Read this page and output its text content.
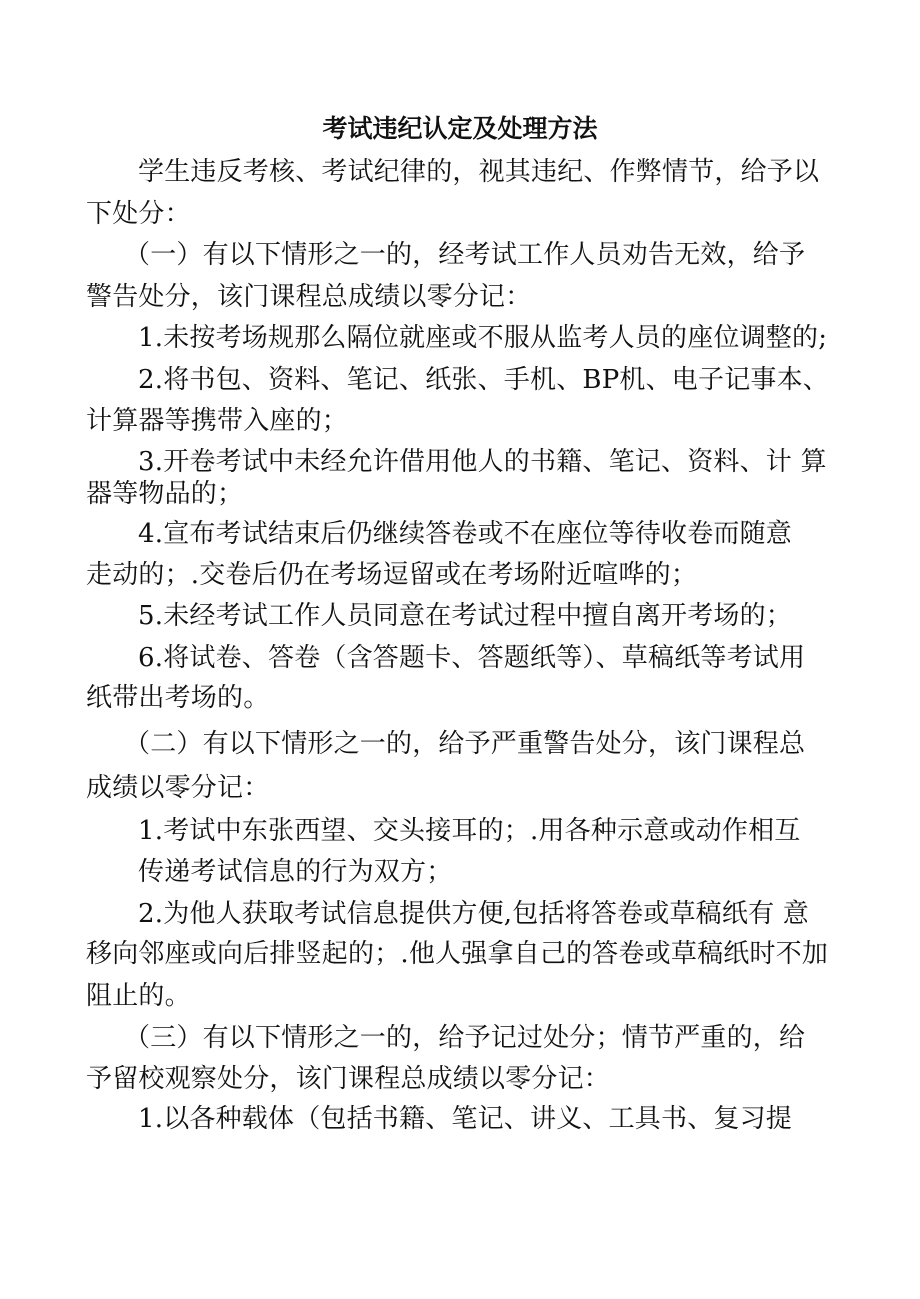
考试违纪认定及处理方法
学生违反考核、考试纪律的，视其违纪、作弊情节，给予以
下处分：
（一）有以下情形之一的，经考试工作人员劝告无效，给予
警告处分，该门课程总成绩以零分记：
1.未按考场规那么隔位就座或不服从监考人员的座位调整的;
2.将书包、资料、笔记、纸张、手机、BP机、电子记事本、
计算器等携带入座的；
3.开卷考试中未经允许借用他人的书籍、笔记、资料、计 算
器等物品的；
4.宣布考试结束后仍继续答卷或不在座位等待收卷而随意
走动的；.交卷后仍在考场逗留或在考场附近喧哗的；
5.未经考试工作人员同意在考试过程中擅自离开考场的；
6.将试卷、答卷（含答题卡、答题纸等）、草稿纸等考试用
纸带出考场的。
（二）有以下情形之一的，给予严重警告处分，该门课程总
成绩以零分记：
1.考试中东张西望、交头接耳的；.用各种示意或动作相互
传递考试信息的行为双方；
2.为他人获取考试信息提供方便,包括将答卷或草稿纸有 意
移向邻座或向后排竖起的；.他人强拿自己的答卷或草稿纸时不加
阻止的。
（三）有以下情形之一的，给予记过处分；情节严重的，给
予留校观察处分，该门课程总成绩以零分记：
1.以各种载体（包括书籍、笔记、讲义、工具书、复习提
